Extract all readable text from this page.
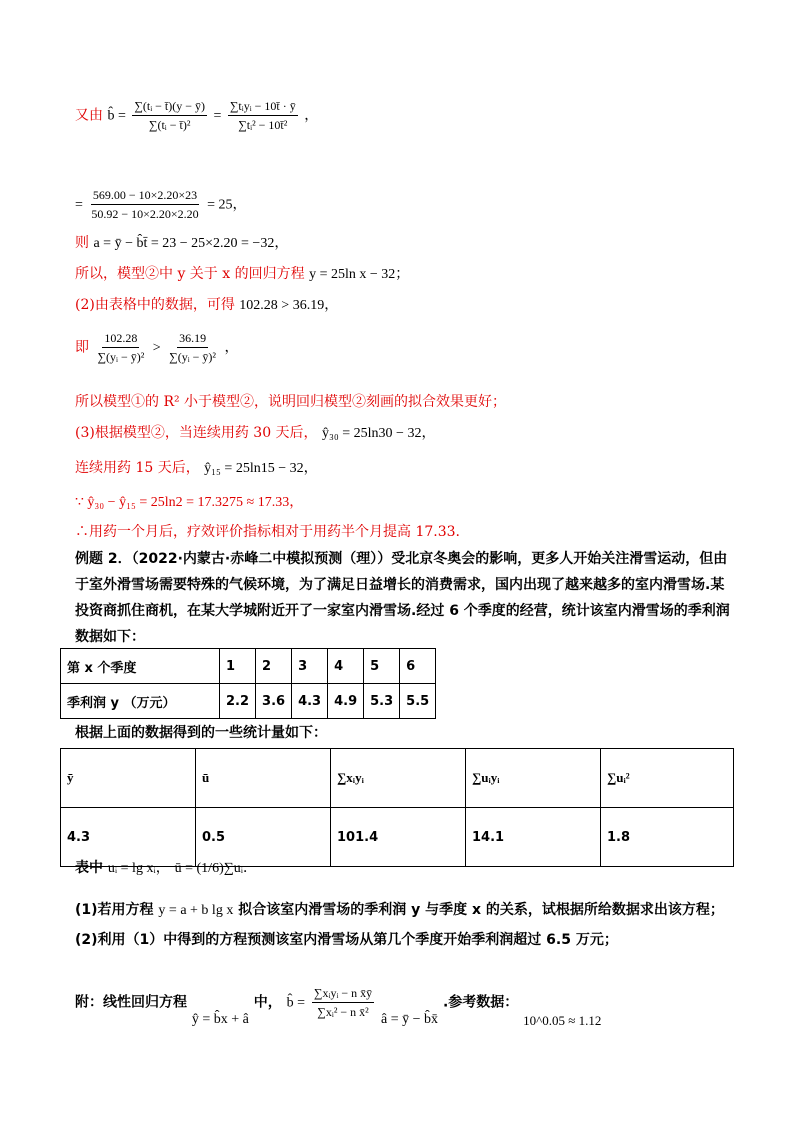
又由 b̂ = $\frac{\text{∑(tᵢ − t̄)(y − ȳ)}}{\text{∑(tᵢ − t̄)²}} = \frac{\text{∑tᵢyᵢ − 10t̄ · ȳ}}{\text{∑tᵢ² − 10t̄²}}$ ，
= $\frac{569.00 - 10\times 2.20\times 23}{50.92 - 10\times 2.20\times 2.20} = 25$，
则 a = ȳ − b̂t̄ = 23 − 25×2.20 = −32，
所以，模型②中 y 关于 x 的回归方程 y = 25ln x − 32；
(2)由表格中的数据，可得 102.28 > 36.19，
即 $\frac{102.28}{\text{∑(yᵢ − ȳ)²}} > \frac{36.19}{\text{∑(yᵢ − ȳ)²}}$ ，
所以模型①的 R² 小于模型②，说明回归模型②刻画的拟合效果更好；
(3)根据模型②，当连续用药 30 天后， ŷ₃₀ = 25ln30 − 32，
连续用药 15 天后， ŷ₁₅ = 25ln15 − 32，
∵ ŷ₃₀ − ŷ₁₅ = 25ln2 = 17.3275 ≈ 17.33，
∴用药一个月后，疗效评价指标相对于用药半个月提高 17.33.
例题 2．（2022·内蒙古·赤峰二中模拟预测（理））受北京冬奥会的影响，更多人开始关注滑雪运动，但由于室外滑雪场需要特殊的气候环境，为了满足日益增长的消费需求，国内出现了越来越多的室内滑雪场.某投资商抓住商机，在某大学城附近开了一家室内滑雪场.经过 6 个季度的经营，统计该室内滑雪场的季利润数据如下：
第 x 个季度	1	2	3	4	5	6
季利润 y （万元）	2.2	3.6	4.3	4.9	5.3	5.5
根据上面的数据得到的一些统计量如下：
ȳ	ū	∑xᵢyᵢ	∑uᵢyᵢ	∑uᵢ²
4.3	0.5	101.4	14.1	1.8
表中 uᵢ = lg xᵢ， ū = (1/6)∑uᵢ．
(1)若用方程 y = a + b lg x 拟合该室内滑雪场的季利润 y 与季度 x 的关系，试根据所给数据求出该方程；
(2)利用（1）中得到的方程预测该室内滑雪场从第几个季度开始季利润超过 6.5 万元；
附：线性回归方程 ŷ = b̂x + â 中， b̂ = $\frac{\text{∑xᵢyᵢ − n x̄ȳ}}{\text{∑xᵢ² − n x̄²}}$ â = ȳ − b̂x̄ .参考数据： 10^0.05 ≈ 1.12
